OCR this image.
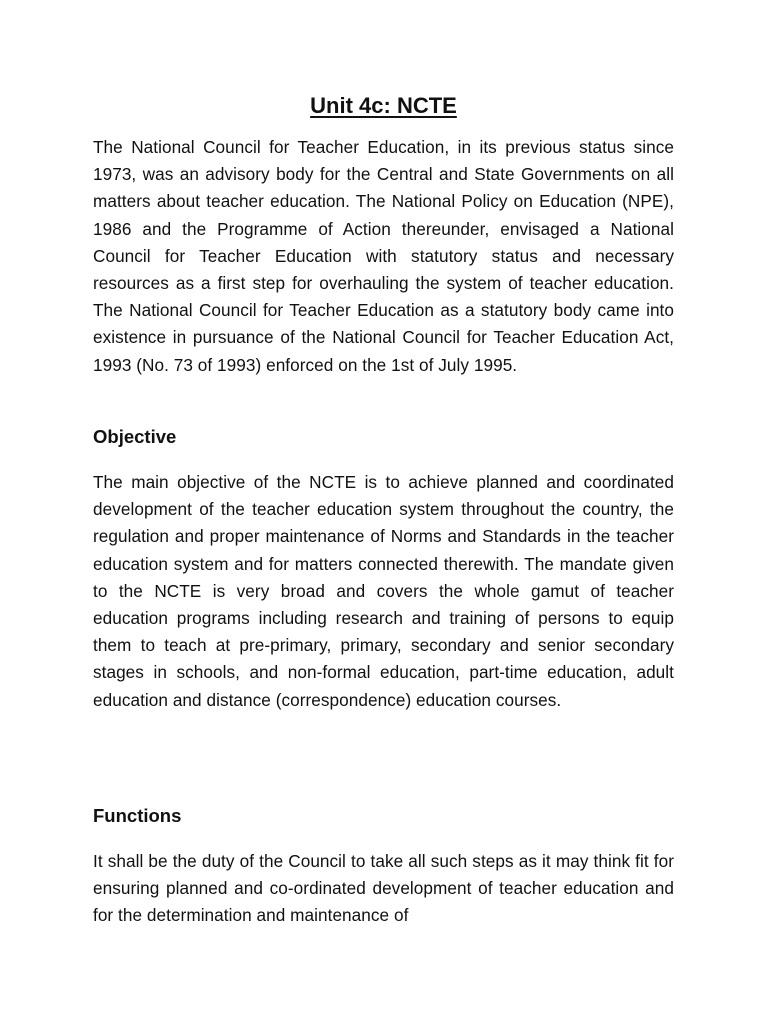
Unit 4c: NCTE

The National Council for Teacher Education, in its previous status since 1973, was an advisory body for the Central and State Governments on all matters about teacher education. The National Policy on Education (NPE), 1986 and the Programme of Action thereunder, envisaged a National Council for Teacher Education with statutory status and necessary resources as a first step for overhauling the system of teacher education. The National Council for Teacher Education as a statutory body came into existence in pursuance of the National Council for Teacher Education Act, 1993 (No. 73 of 1993) enforced on the 1st of July 1995.

Objective

The main objective of the NCTE is to achieve planned and coordinated development of the teacher education system throughout the country, the regulation and proper maintenance of Norms and Standards in the teacher education system and for matters connected therewith. The mandate given to the NCTE is very broad and covers the whole gamut of teacher education programs including research and training of persons to equip them to teach at pre-primary, primary, secondary and senior secondary stages in schools, and non-formal education, part-time education, adult education and distance (correspondence) education courses.

Functions

It shall be the duty of the Council to take all such steps as it may think fit for ensuring planned and co-ordinated development of teacher education and for the determination and maintenance of
